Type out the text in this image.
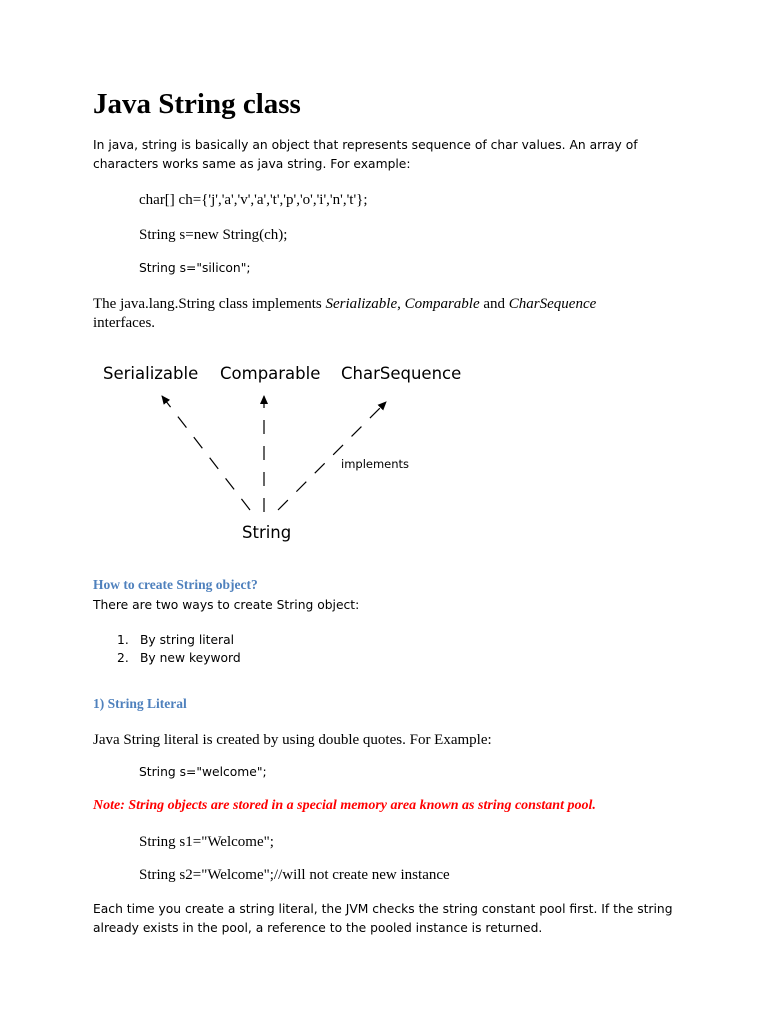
Java String class

In java, string is basically an object that represents sequence of char values. An array of characters works same as java string. For example:

char[] ch={'j','a','v','a','t','p','o','i','n','t'};

String s=new String(ch);

String s="silicon";

The java.lang.String class implements Serializable, Comparable and CharSequence interfaces.

Serializable Comparable CharSequence
String
implements

How to create String object?

There are two ways to create String object:

1. By string literal
2. By new keyword

1) String Literal

Java String literal is created by using double quotes. For Example:

String s="welcome";

Note: String objects are stored in a special memory area known as string constant pool.

String s1="Welcome";

String s2="Welcome";//will not create new instance

Each time you create a string literal, the JVM checks the string constant pool first. If the string already exists in the pool, a reference to the pooled instance is returned.
